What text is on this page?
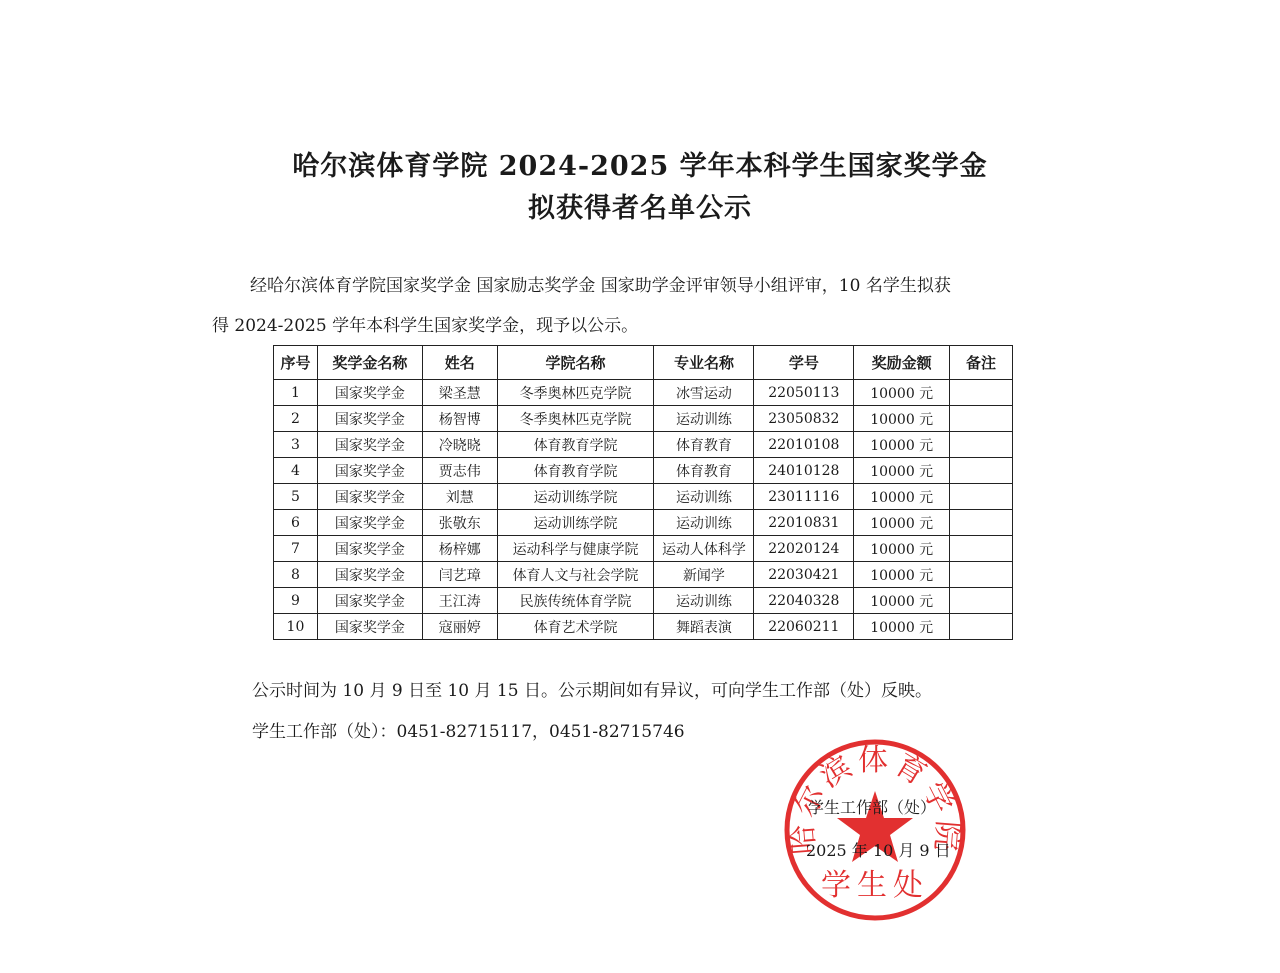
哈尔滨体育学院 2024-2025 学年本科学生国家奖学金
拟获得者名单公示

经哈尔滨体育学院国家奖学金 国家励志奖学金 国家助学金评审领导小组评审，10 名学生拟获
得 2024-2025 学年本科学生国家奖学金，现予以公示。

序号	奖学金名称	姓名	学院名称	专业名称	学号	奖励金额	备注
1	国家奖学金	梁圣慧	冬季奥林匹克学院	冰雪运动	22050113	10000 元	
2	国家奖学金	杨智博	冬季奥林匹克学院	运动训练	23050832	10000 元	
3	国家奖学金	冷晓晓	体育教育学院	体育教育	22010108	10000 元	
4	国家奖学金	贾志伟	体育教育学院	体育教育	24010128	10000 元	
5	国家奖学金	刘慧	运动训练学院	运动训练	23011116	10000 元	
6	国家奖学金	张敬东	运动训练学院	运动训练	22010831	10000 元	
7	国家奖学金	杨梓娜	运动科学与健康学院	运动人体科学	22020124	10000 元	
8	国家奖学金	闫艺璋	体育人文与社会学院	新闻学	22030421	10000 元	
9	国家奖学金	王江涛	民族传统体育学院	运动训练	22040328	10000 元	
10	国家奖学金	寇丽婷	体育艺术学院	舞蹈表演	22060211	10000 元	

公示时间为 10 月 9 日至 10 月 15 日。公示期间如有异议，可向学生工作部（处）反映。

学生工作部（处）：0451-82715117，0451-82715746

哈尔滨体育学院
学生处

学生工作部（处）

2025 年 10 月 9 日
